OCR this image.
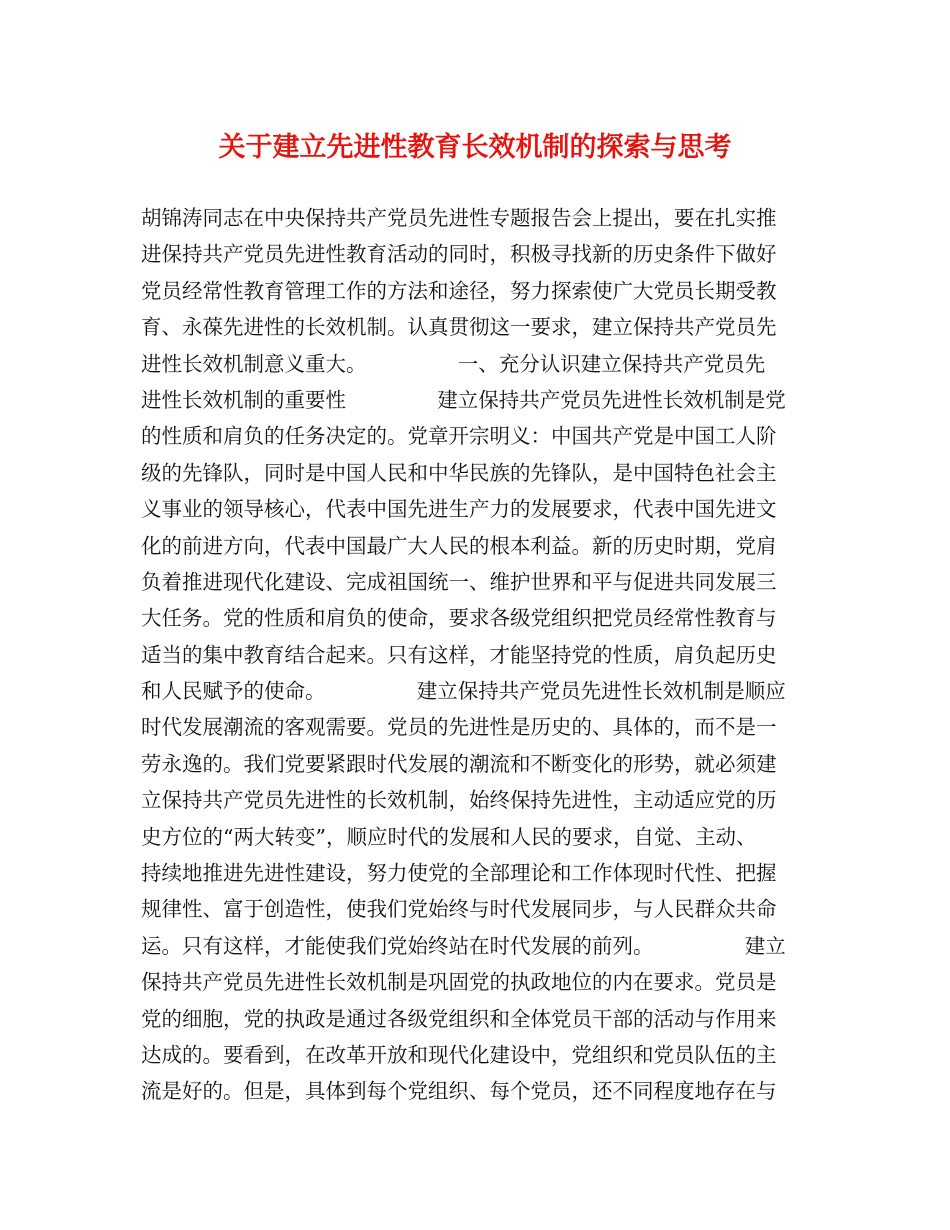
关于建立先进性教育长效机制的探索与思考
胡锦涛同志在中央保持共产党员先进性专题报告会上提出，要在扎实推
进保持共产党员先进性教育活动的同时，积极寻找新的历史条件下做好
党员经常性教育管理工作的方法和途径，努力探索使广大党员长期受教
育、永葆先进性的长效机制。认真贯彻这一要求，建立保持共产党员先
进性长效机制意义重大。              一、充分认识建立保持共产党员先
进性长效机制的重要性              建立保持共产党员先进性长效机制是党
的性质和肩负的任务决定的。党章开宗明义：中国共产党是中国工人阶
级的先锋队，同时是中国人民和中华民族的先锋队，是中国特色社会主
义事业的领导核心，代表中国先进生产力的发展要求，代表中国先进文
化的前进方向，代表中国最广大人民的根本利益。新的历史时期，党肩
负着推进现代化建设、完成祖国统一、维护世界和平与促进共同发展三
大任务。党的性质和肩负的使命，要求各级党组织把党员经常性教育与
适当的集中教育结合起来。只有这样，才能坚持党的性质，肩负起历史
和人民赋予的使命。              建立保持共产党员先进性长效机制是顺应
时代发展潮流的客观需要。党员的先进性是历史的、具体的，而不是一
劳永逸的。我们党要紧跟时代发展的潮流和不断变化的形势，就必须建
立保持共产党员先进性的长效机制，始终保持先进性，主动适应党的历
史方位的“两大转变”，顺应时代的发展和人民的要求，自觉、主动、
持续地推进先进性建设，努力使党的全部理论和工作体现时代性、把握
规律性、富于创造性，使我们党始终与时代发展同步，与人民群众共命
运。只有这样，才能使我们党始终站在时代发展的前列。              建立
保持共产党员先进性长效机制是巩固党的执政地位的内在要求。党员是
党的细胞，党的执政是通过各级党组织和全体党员干部的活动与作用来
达成的。要看到，在改革开放和现代化建设中，党组织和党员队伍的主
流是好的。但是，具体到每个党组织、每个党员，还不同程度地存在与
